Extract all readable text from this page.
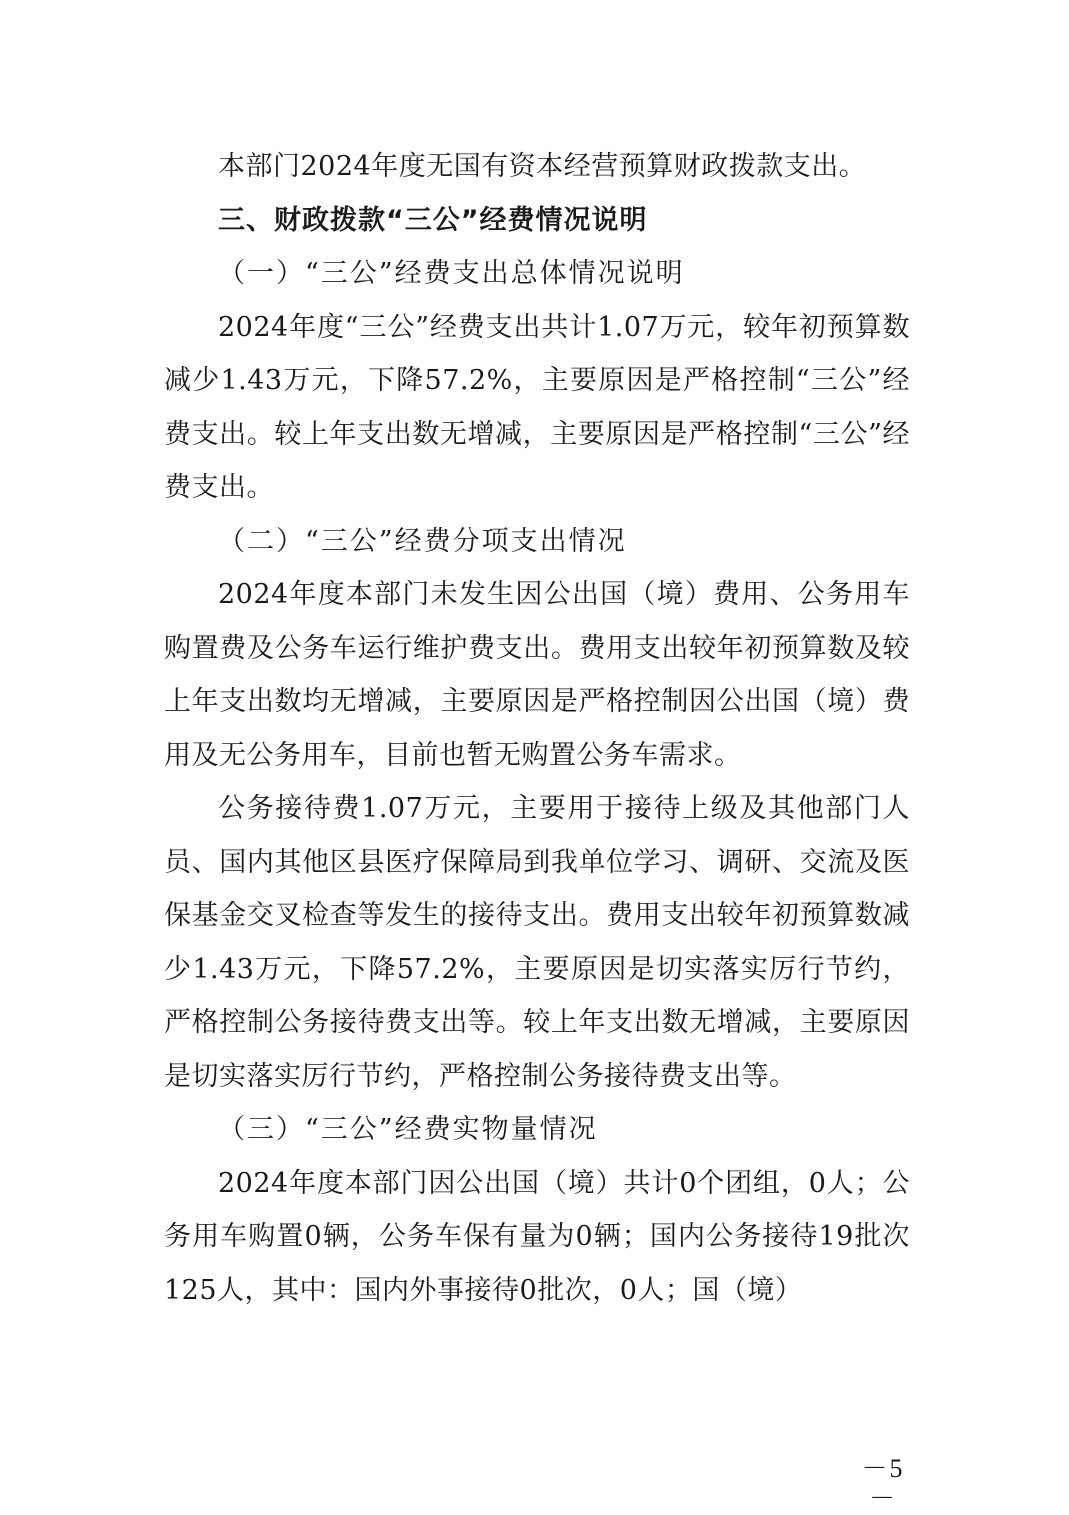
本部门2024年度无国有资本经营预算财政拨款支出。

三、财政拨款“三公”经费情况说明

（一）“三公”经费支出总体情况说明

2024年度“三公”经费支出共计1.07万元，较年初预算数减少1.43万元，下降57.2%，主要原因是严格控制“三公”经费支出。较上年支出数无增减，主要原因是严格控制“三公”经费支出。

（二）“三公”经费分项支出情况

2024年度本部门未发生因公出国（境）费用、公务用车购置费及公务车运行维护费支出。费用支出较年初预算数及较上年支出数均无增减，主要原因是严格控制因公出国（境）费用及无公务用车，目前也暂无购置公务车需求。

公务接待费1.07万元，主要用于接待上级及其他部门人员、国内其他区县医疗保障局到我单位学习、调研、交流及医保基金交叉检查等发生的接待支出。费用支出较年初预算数减少1.43万元，下降57.2%，主要原因是切实落实厉行节约，严格控制公务接待费支出等。较上年支出数无增减，主要原因是切实落实厉行节约，严格控制公务接待费支出等。

（三）“三公”经费实物量情况

2024年度本部门因公出国（境）共计0个团组，0人；公务用车购置0辆，公务车保有量为0辆；国内公务接待19批次125人，其中：国内外事接待0批次，0人；国（境）

－5－
